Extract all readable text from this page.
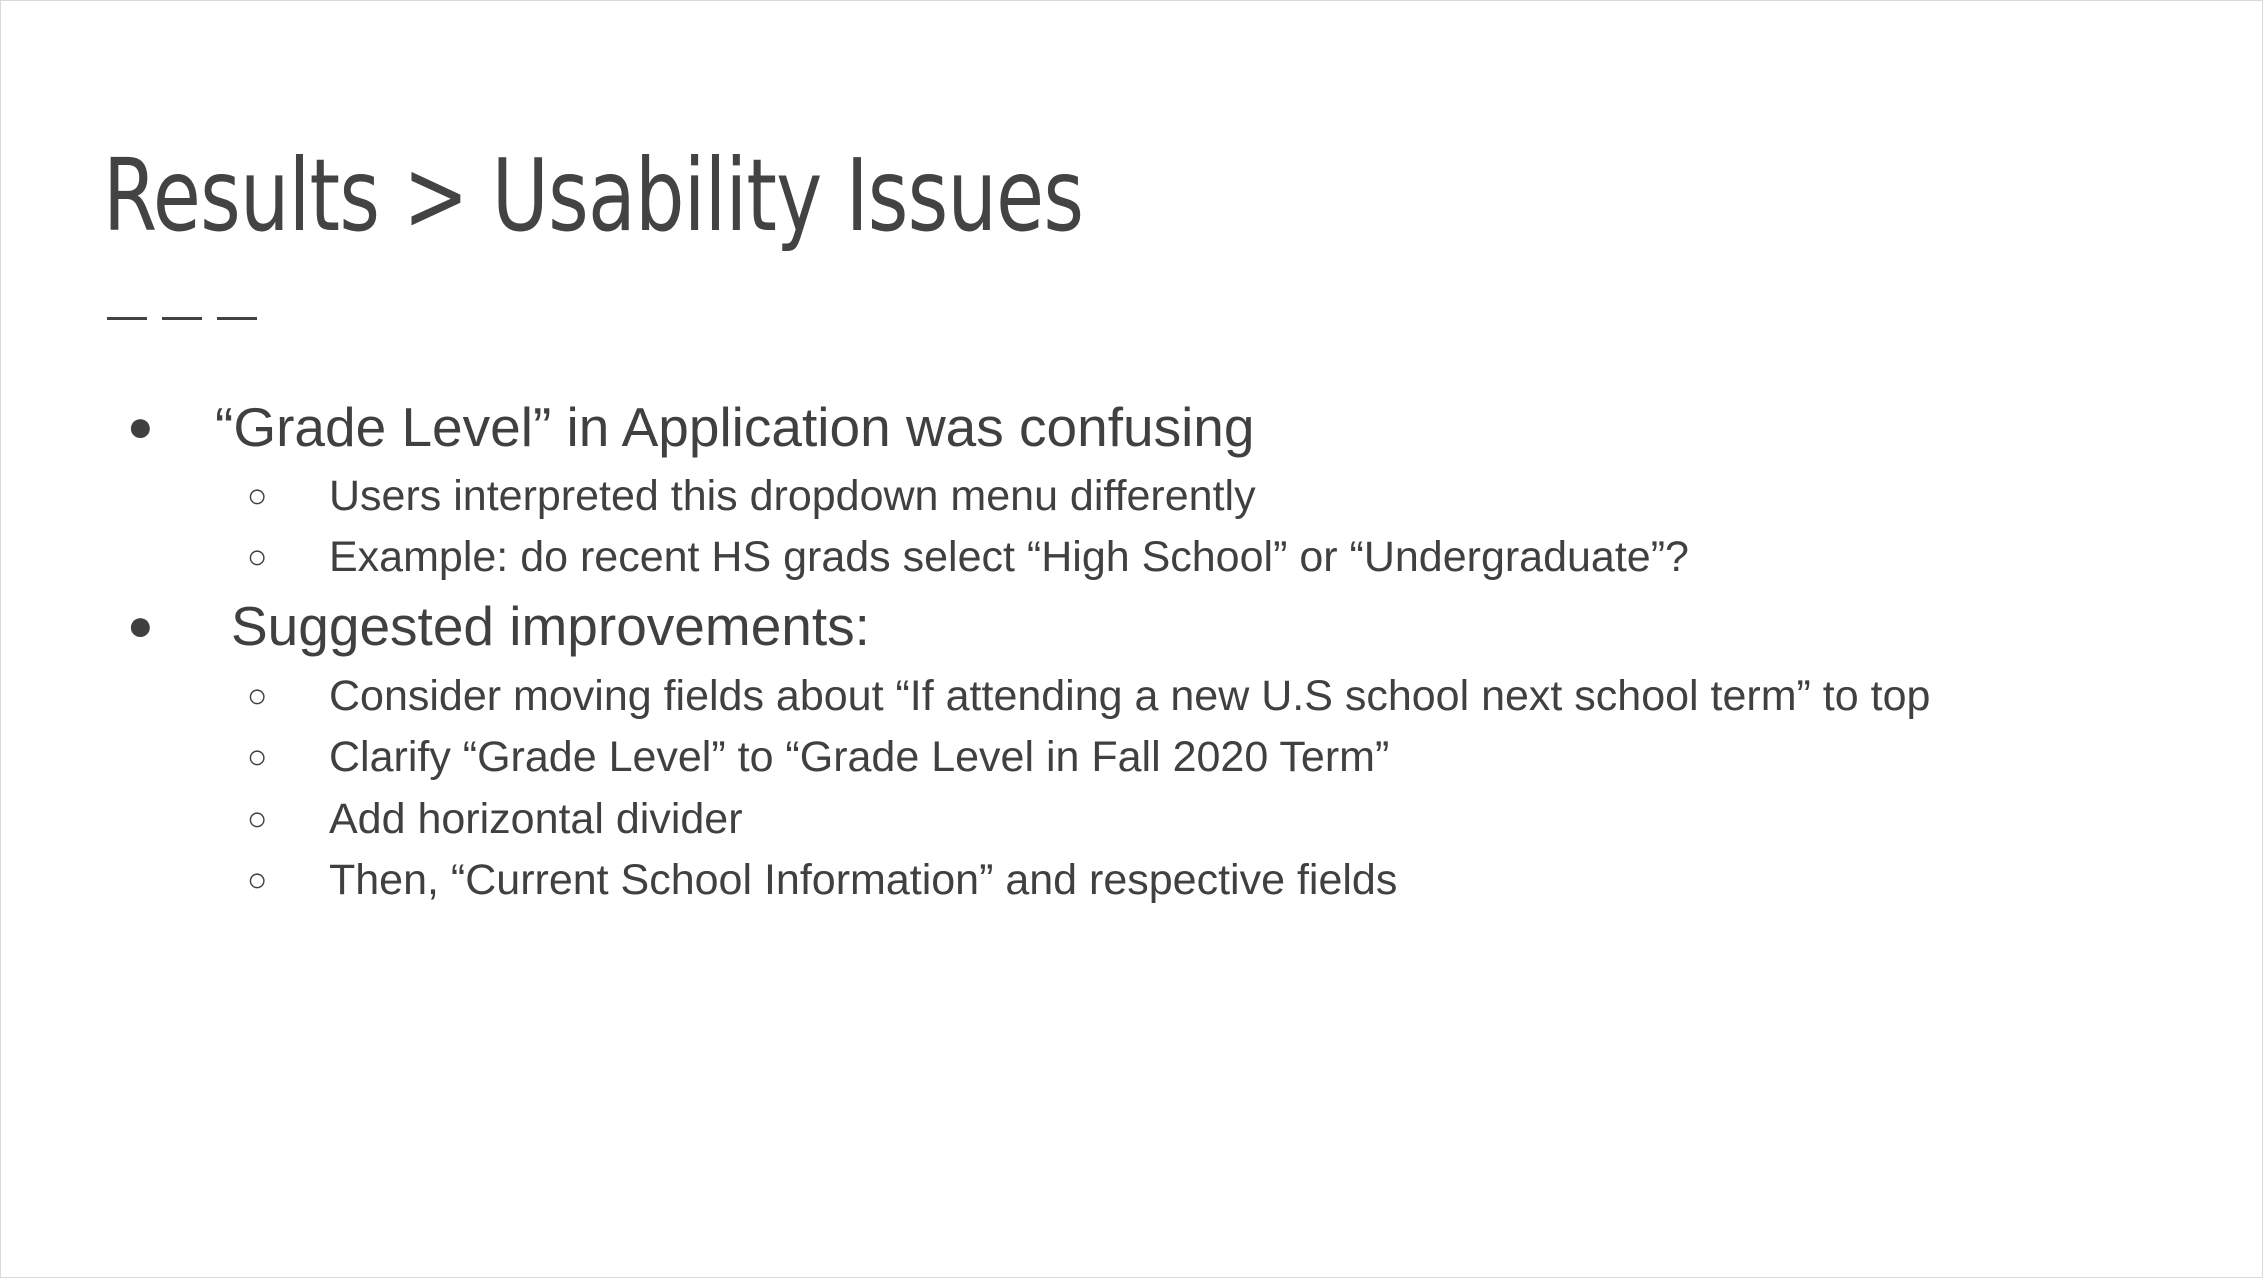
Results > Usability Issues
● “Grade Level” in Application was confusing
○ Users interpreted this dropdown menu differently
○ Example: do recent HS grads select “High School” or “Undergraduate”?
● Suggested improvements:
○ Consider moving fields about “If attending a new U.S school next school term” to top
○ Clarify “Grade Level” to “Grade Level in Fall 2020 Term”
○ Add horizontal divider
○ Then, “Current School Information” and respective fields
